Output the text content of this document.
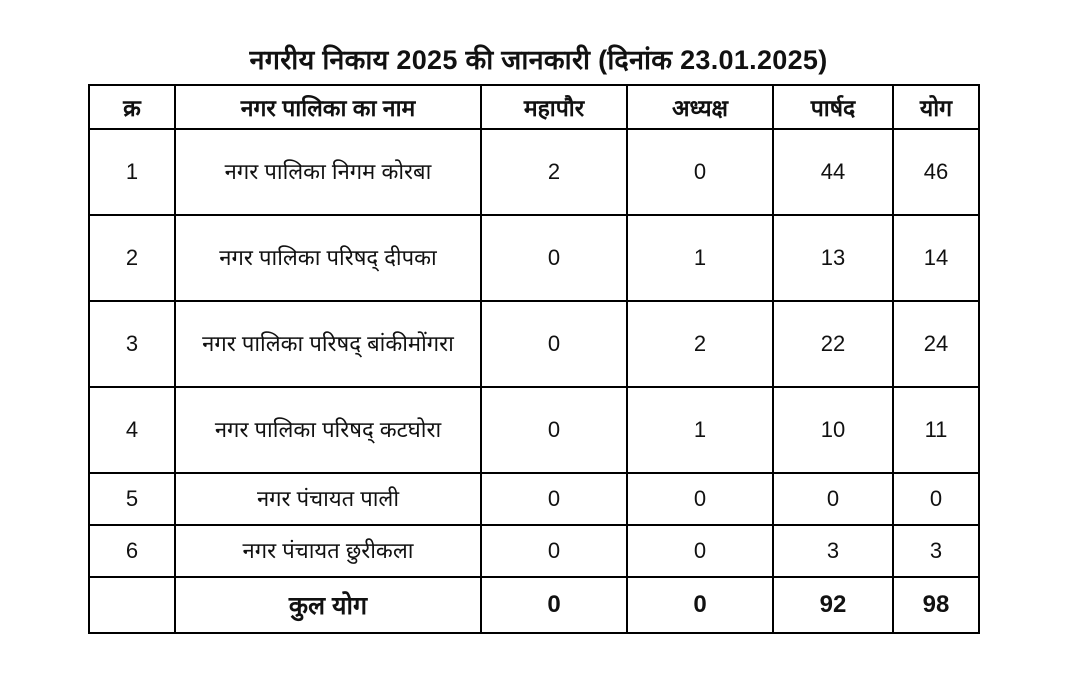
नगरीय निकाय 2025 की जानकारी (दिनांक 23.01.2025)
क्र	नगर पालिका का नाम	महापौर	अध्यक्ष	पार्षद	योग
1	नगर पालिका निगम कोरबा	2	0	44	46
2	नगर पालिका परिषद् दीपका	0	1	13	14
3	नगर पालिका परिषद् बांकीमोंगरा	0	2	22	24
4	नगर पालिका परिषद् कटघोरा	0	1	10	11
5	नगर पंचायत पाली	0	0	0	0
6	नगर पंचायत छुरीकला	0	0	3	3
	कुल योग	0	0	92	98
